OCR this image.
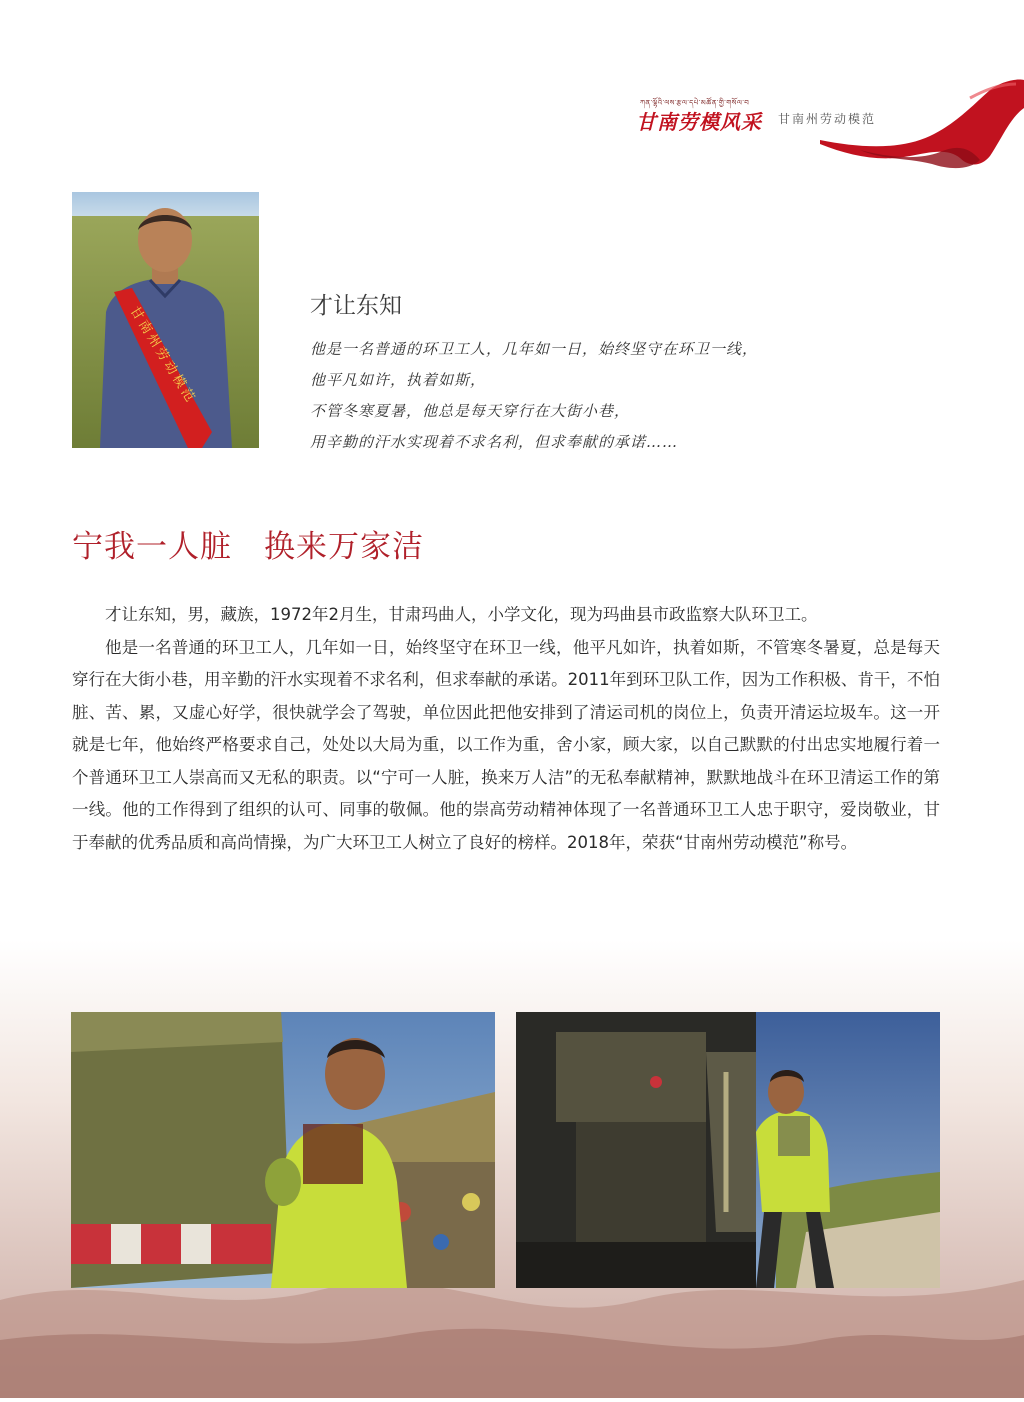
ཀན་ལྷོའི་ལས་རྩལ་དཔེ་མཚོན་གྱི་གསོལ་བ
甘南劳模风采 甘南州劳动模范
甘南州劳动模范	才让东知
他是一名普通的环卫工人，几年如一日，始终坚守在环卫一线，
他平凡如许，执着如斯，
不管冬寒夏暑，他总是每天穿行在大街小巷，
用辛勤的汗水实现着不求名利，但求奉献的承诺……
宁我一人脏　换来万家洁

才让东知，男，藏族，1972年2月生，甘肃玛曲人，小学文化，现为玛曲县市政监察大队环卫工。

他是一名普通的环卫工人，几年如一日，始终坚守在环卫一线，他平凡如许，执着如斯，不管寒冬暑夏，总是每天穿行在大街小巷，用辛勤的汗水实现着不求名利，但求奉献的承诺。2011年到环卫队工作，因为工作积极、肯干，不怕脏、苦、累，又虚心好学，很快就学会了驾驶，单位因此把他安排到了清运司机的岗位上，负责开清运垃圾车。这一开就是七年，他始终严格要求自己，处处以大局为重，以工作为重，舍小家，顾大家，以自己默默的付出忠实地履行着一个普通环卫工人崇高而又无私的职责。以“宁可一人脏，换来万人洁”的无私奉献精神，默默地战斗在环卫清运工作的第一线。他的工作得到了组织的认可、同事的敬佩。他的崇高劳动精神体现了一名普通环卫工人忠于职守，爱岗敬业，甘于奉献的优秀品质和高尚情操，为广大环卫工人树立了良好的榜样。2018年，荣获“甘南州劳动模范”称号。
